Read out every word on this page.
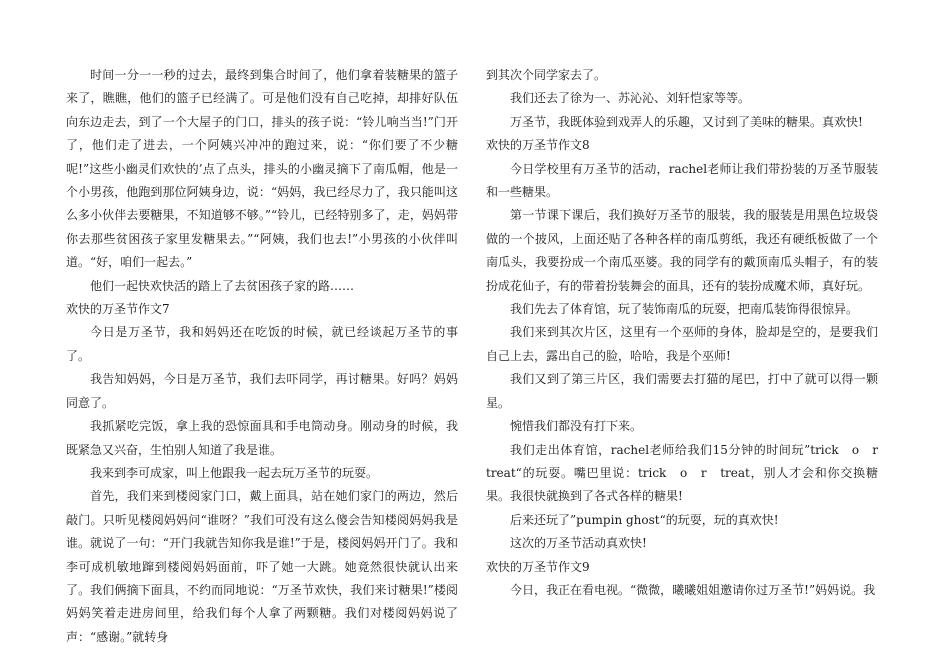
时间一分一一秒的过去，最终到集合时间了，他们拿着装糖果的篮子来了，瞧瞧，他们的篮子已经满了。可是他们没有自己吃掉，却排好队伍向东边走去，到了一个大屋子的门口，排头的孩子说：“铃儿响当当!”门开了，他们走了进去，一个阿姨兴冲冲的跑过来，说：“你们要了不少糖呢!”这些小幽灵们欢快的’点了点头，排头的小幽灵摘下了南瓜帽，他是一个小男孩，他跑到那位阿姨身边，说：“妈妈，我已经尽力了，我只能叫这么多小伙伴去要糖果，不知道够不够。”“铃儿，已经特别多了，走，妈妈带你去那些贫困孩子家里发糖果去。”“阿姨，我们也去!”小男孩的小伙伴叫道。“好，咱们一起去。”

他们一起快欢快活的踏上了去贫困孩子家的路……

欢快的万圣节作文7

今日是万圣节，我和妈妈还在吃饭的时候，就已经谈起万圣节的事了。

我告知妈妈，今日是万圣节，我们去吓同学，再讨糖果。好吗？妈妈同意了。

我抓紧吃完饭，拿上我的恐惊面具和手电筒动身。刚动身的时候，我既紧急又兴奋，生怕别人知道了我是谁。

我来到李可成家，叫上他跟我一起去玩万圣节的玩耍。

首先，我们来到楼阅家门口，戴上面具，站在她们家门的两边，然后敲门。只听见楼阅妈妈问“谁呀？”我们可没有这么傻会告知楼阅妈妈我是谁。就说了一句：“开门我就告知你我是谁!”于是，楼阅妈妈开门了。我和李可成机敏地蹿到楼阅妈妈面前，吓了她一大跳。她竟然很快就认出来了。我们俩摘下面具，不约而同地说：“万圣节欢快，我们来讨糖果!”楼阅妈妈笑着走进房间里，给我们每个人拿了两颗糖。我们对楼阅妈妈说了声：“感谢。”就转身

到其次个同学家去了。

我们还去了徐为一、苏沁沁、刘轩恺家等等。

万圣节，我既体验到戏弄人的乐趣，又讨到了美味的糖果。真欢快!

欢快的万圣节作文8

今日学校里有万圣节的活动，rachel老师让我们带扮装的万圣节服装和一些糖果。

第一节课下课后，我们换好万圣节的服装，我的服装是用黑色垃圾袋做的一个披风，上面还贴了各种各样的南瓜剪纸，我还有硬纸板做了一个南瓜头，我要扮成一个南瓜巫婆。我的同学有的戴顶南瓜头帽子，有的装扮成花仙子，有的带着扮装舞会的面具，还有的装扮成魔术师，真好玩。

我们先去了体育馆，玩了装饰南瓜的玩耍，把南瓜装饰得很惊异。

我们来到其次片区，这里有一个巫师的身体，脸却是空的，是要我们自己上去，露出自己的脸，哈哈，我是个巫师!

我们又到了第三片区，我们需要去打猫的尾巴，打中了就可以得一颗星。

惋惜我们都没有打下来。

我们走出体育馆，rachel老师给我们15分钟的时间玩”trick　o　r　treat“的玩耍。嘴巴里说：trick　o　r　treat，别人才会和你交换糖果。我很快就换到了各式各样的糖果!

后来还玩了”pumpin ghost“的玩耍，玩的真欢快!

这次的万圣节活动真欢快!

欢快的万圣节作文9

今日，我正在看电视。“微微，曦曦姐姐邀请你过万圣节!”妈妈说。我
